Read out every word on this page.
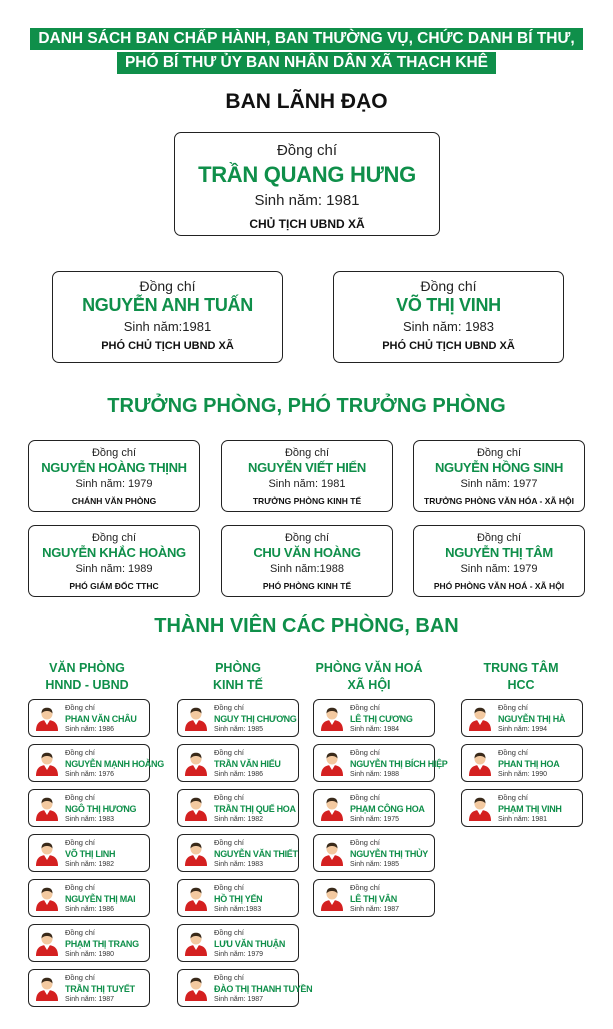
DANH SÁCH BAN CHẤP HÀNH, BAN THƯỜNG VỤ, CHỨC DANH BÍ THƯ,
PHÓ BÍ THƯ ỦY BAN NHÂN DÂN XÃ THẠCH KHÊ
BAN LÃNH ĐẠO
Đồng chí
TRẦN QUANG HƯNG
Sinh năm: 1981
CHỦ TỊCH UBND XÃ
Đồng chí
NGUYỄN ANH TUẤN
Sinh năm:1981
PHÓ CHỦ TỊCH UBND XÃ
Đồng chí
VÕ THỊ VINH
Sinh năm: 1983
PHÓ CHỦ TỊCH UBND XÃ
TRƯỞNG PHÒNG, PHÓ TRƯỞNG PHÒNG
Đồng chí
NGUYỄN HOÀNG THỊNH
Sinh năm: 1979
CHÁNH VĂN PHÒNG
Đồng chí
NGUYỄN VIẾT HIỂN
Sinh năm: 1981
TRƯỞNG PHÒNG KINH TẾ
Đồng chí
NGUYỄN HỒNG SINH
Sinh năm: 1977
TRƯỞNG PHÒNG VĂN HÓA - XÃ HỘI
Đồng chí
NGUYỄN KHẮC HOÀNG
Sinh năm: 1989
PHÓ GIÁM ĐỐC TTHC
Đồng chí
CHU VĂN HOÀNG
Sinh năm:1988
PHÓ PHÒNG KINH TẾ
Đồng chí
NGUYỄN THỊ TÂM
Sinh năm: 1979
PHÓ PHÒNG VĂN HOÁ - XÃ HỘI
THÀNH VIÊN CÁC PHÒNG, BAN
VĂN PHÒNG
HNND - UBND
PHÒNG
KINH TẾ
PHÒNG VĂN HOÁ
XÃ HỘI
TRUNG TÂM
HCC
Đồng chí
PHAN VĂN CHÂU
Sinh năm: 1986
Đồng chí
NGUYỄN MẠNH HOÀNG
Sinh năm: 1976
Đồng chí
NGÔ THỊ HƯƠNG
Sinh năm: 1983
Đồng chí
VÕ THỊ LINH
Sinh năm: 1982
Đồng chí
NGUYỄN THỊ MAI
Sinh năm: 1986
Đồng chí
PHẠM THỊ TRANG
Sinh năm: 1980
Đồng chí
TRẦN THỊ TUYẾT
Sinh năm: 1987
Đồng chí
NGUY THỊ CHƯƠNG
Sinh năm: 1985
Đồng chí
TRẦN VĂN HIẾU
Sinh năm: 1986
Đồng chí
TRẦN THỊ QUẾ HOA
Sinh năm: 1982
Đồng chí
NGUYỄN VĂN THIẾT
Sinh năm: 1983
Đồng chí
HỒ THỊ YẾN
Sinh năm:1983
Đồng chí
LƯU VĂN THUẬN
Sinh năm: 1979
Đồng chí
ĐÀO THỊ THANH TUYỀN
Sinh năm: 1987
Đồng chí
LÊ THỊ CƯƠNG
Sinh năm: 1984
Đồng chí
NGUYỄN THỊ BÍCH HIỆP
Sinh năm: 1988
Đồng chí
PHẠM CÔNG HOA
Sinh năm: 1975
Đồng chí
NGUYỄN THỊ THỦY
Sinh năm: 1985
Đồng chí
LÊ THỊ VÂN
Sinh năm: 1987
Đồng chí
NGUYỄN THỊ HÀ
Sinh năm: 1994
Đồng chí
PHAN THỊ HOA
Sinh năm: 1990
Đồng chí
PHẠM THỊ VINH
Sinh năm: 1981
